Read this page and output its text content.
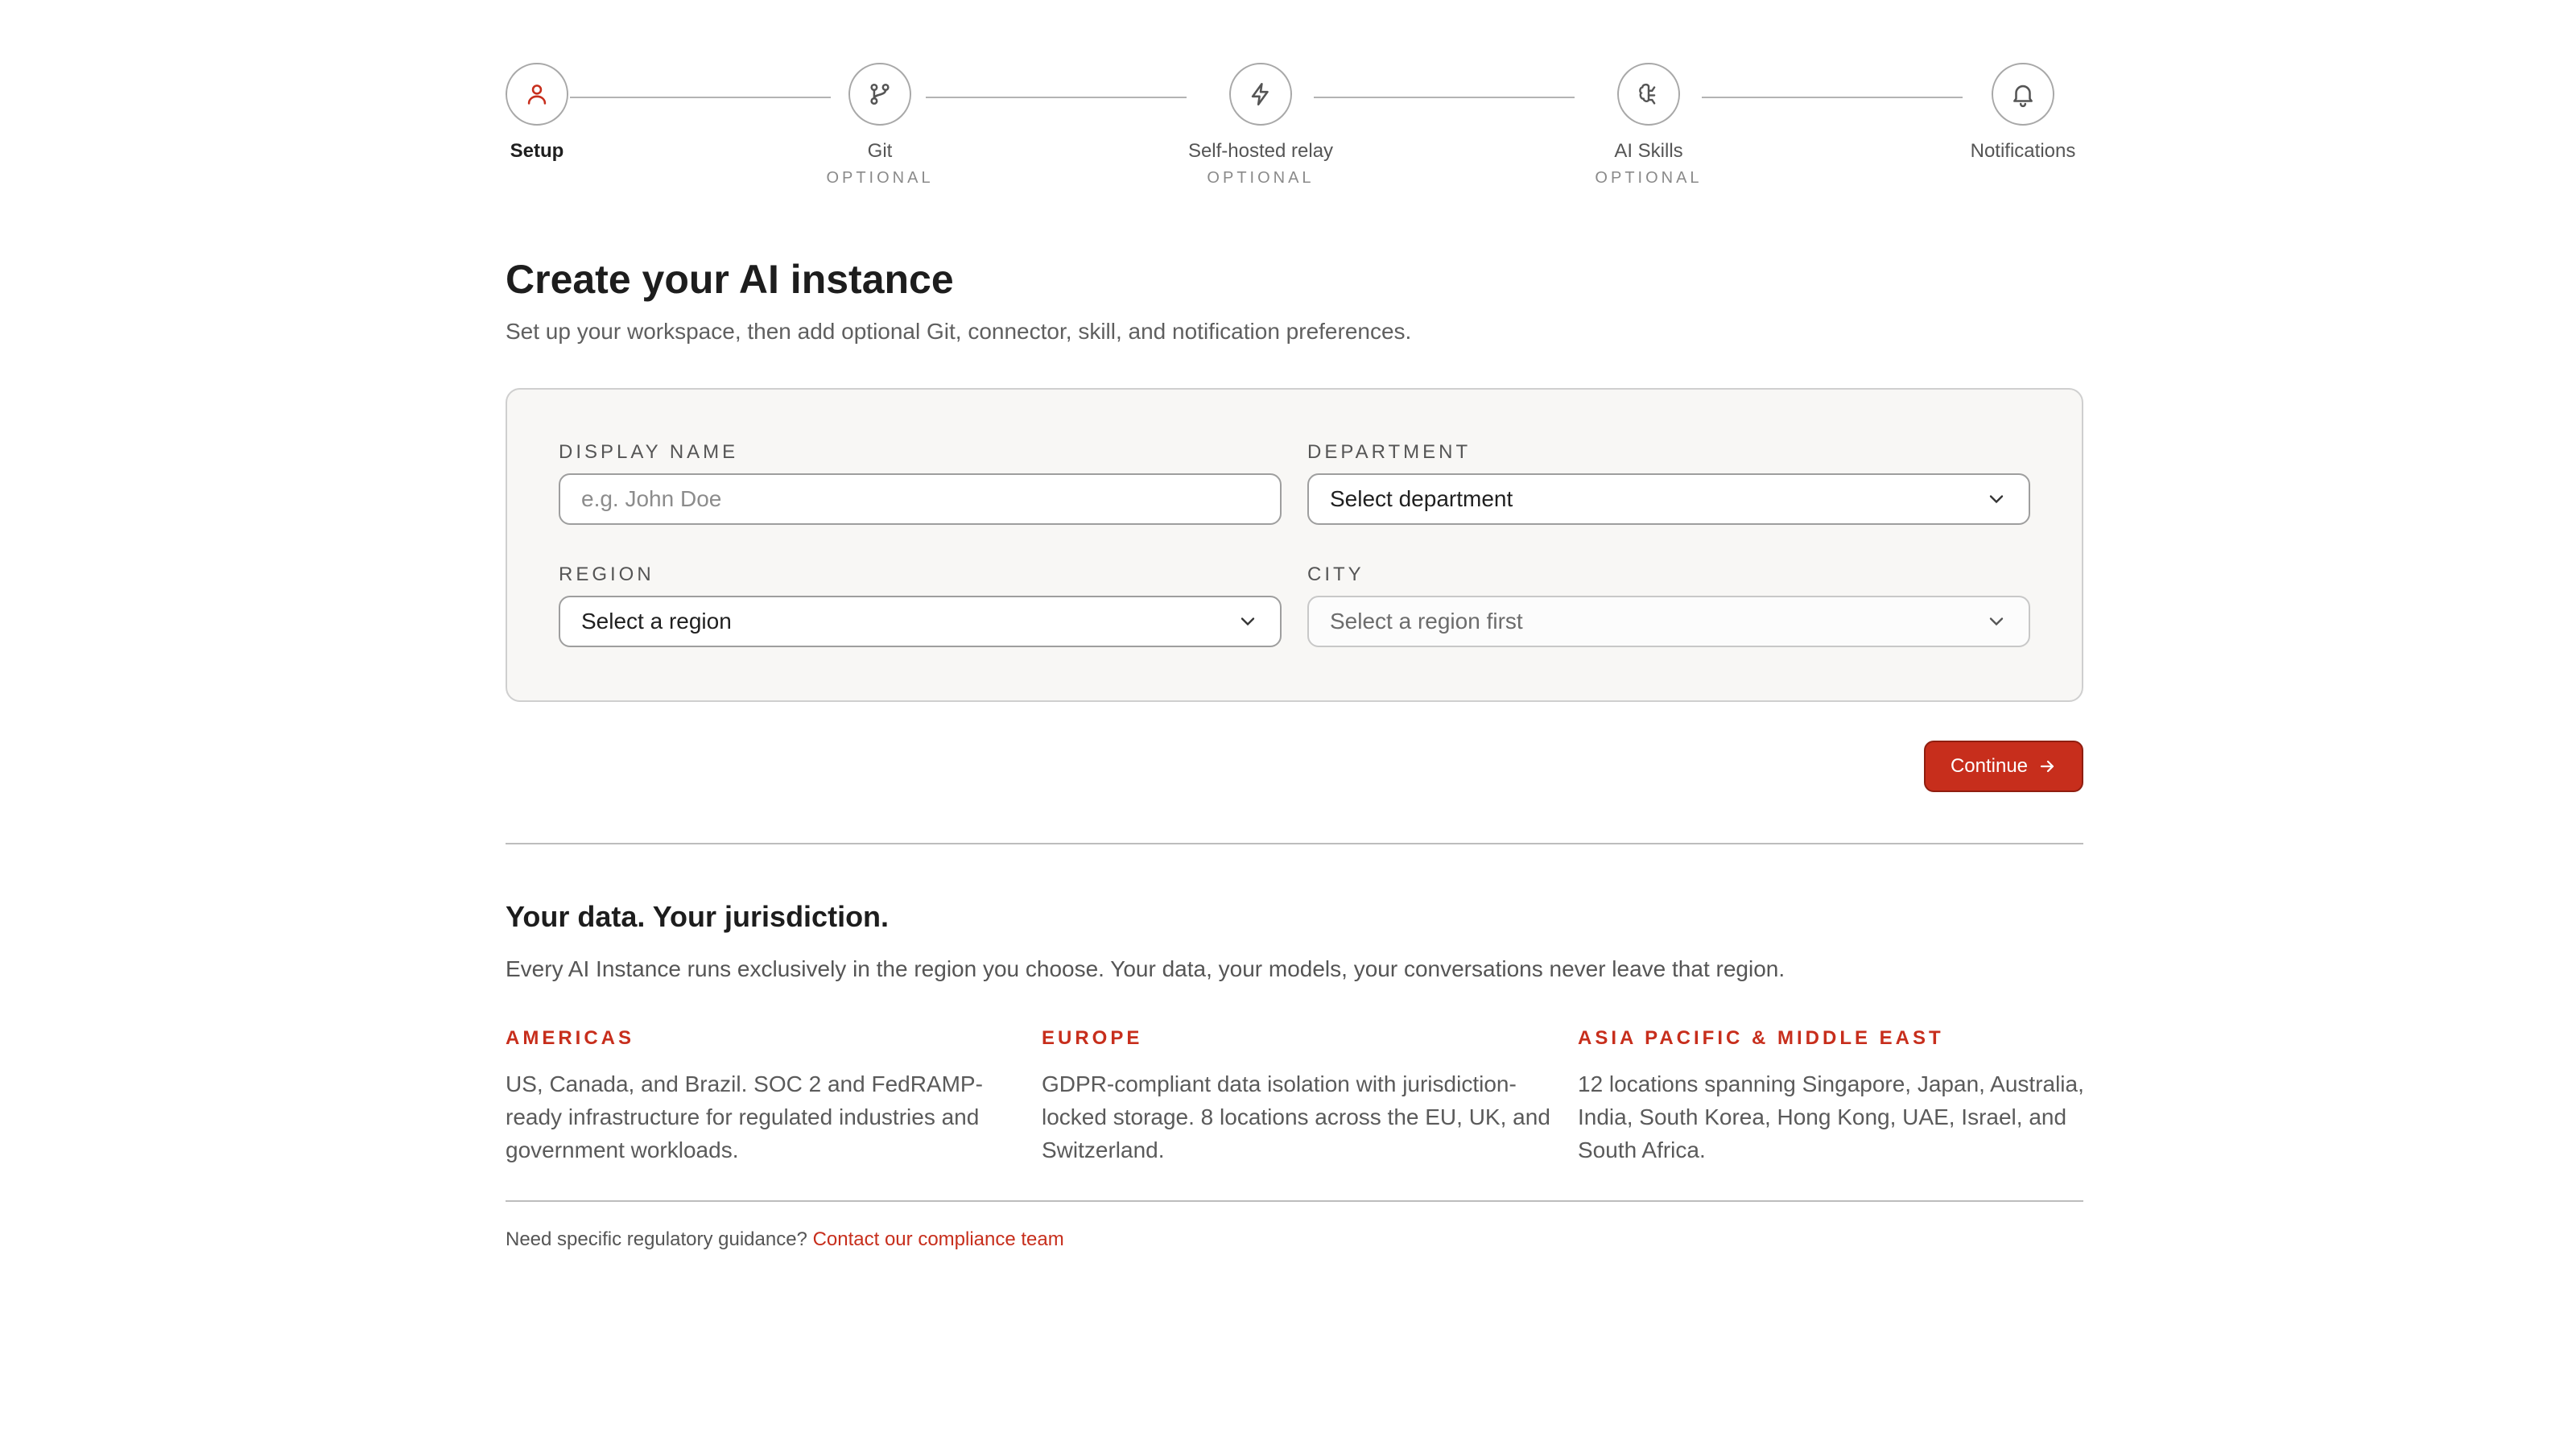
Setup	Git
OPTIONAL
Self-hosted relay
OPTIONAL
AI Skills
OPTIONAL
Notifications
Create your AI instance
Set up your workspace, then add optional Git, connector, skill, and notification preferences.
DISPLAY NAME
e.g. John Doe
DEPARTMENT
Select department
REGION
Select a region
CITY
Select a region first
Continue
Your data. Your jurisdiction.
Every AI Instance runs exclusively in the region you choose. Your data, your models, your conversations never leave that region.
AMERICAS
US, Canada, and Brazil. SOC 2 and FedRAMP-ready infrastructure for regulated industries and government workloads.
EUROPE
GDPR-compliant data isolation with jurisdiction-locked storage. 8 locations across the EU, UK, and Switzerland.
ASIA PACIFIC & MIDDLE EAST
12 locations spanning Singapore, Japan, Australia, India, South Korea, Hong Kong, UAE, Israel, and South Africa.
Need specific regulatory guidance? Contact our compliance team
